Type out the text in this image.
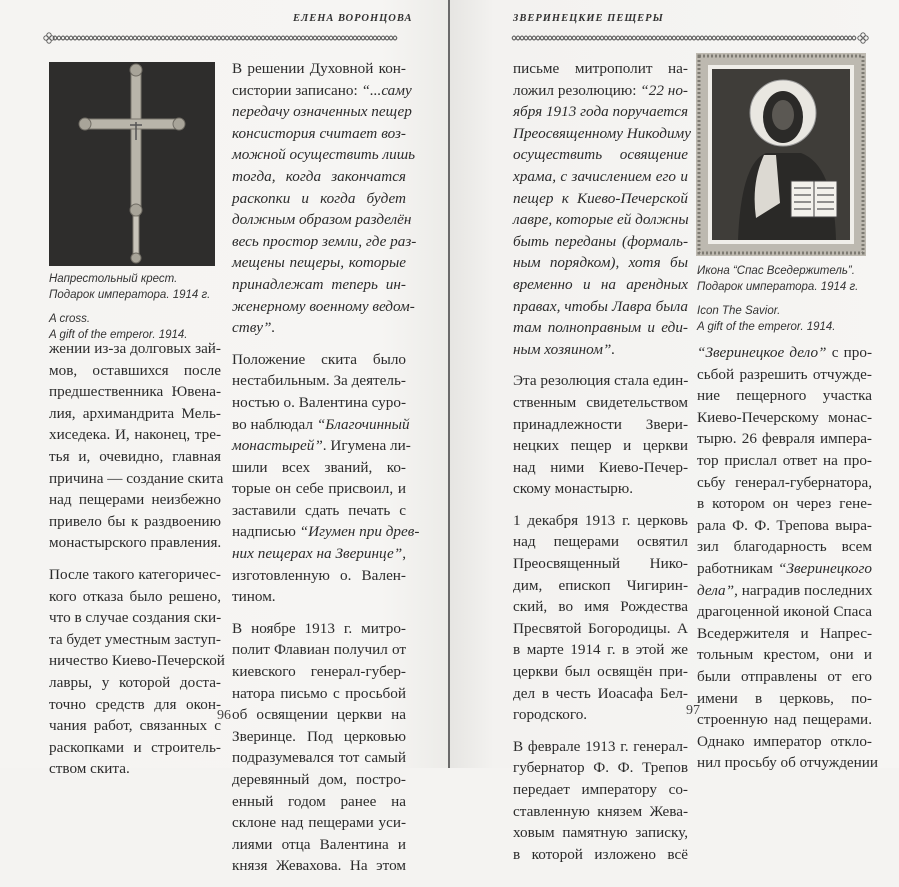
ЕЛЕНА ВОРОНЦОВА	ЗВЕРИНЕЦКИЕ ПЕЩЕРЫ
Напрестольный крест.
Подарок императора. 1914 г.
A cross.
A gift of the emperor. 1914.

жении из-за долговых зай-
мов, оставшихся после
предшественника Ювена-
лия, архимандрита Мель-
хиседека. И, наконец, тре-
тья и, очевидно, главная
причина — создание скита
над пещерами неизбежно
привело бы к раздвоению
монастырского правления.

После такого категоричес-
кого отказа было решено,
что в случае создания ски-
та будет уместным заступ-
ничество Киево-Печерской
лавры, у которой доста-
точно средств для окон-
чания работ, связанных с
раскопками и строитель-
ством скита.

В решении Духовной кон-
систории записано: “...саму
передачу означенных пещер
консистория считает воз-
можной осуществить лишь
тогда, когда закончатся
раскопки и когда будет
должным образом разделён
весь простор земли, где раз-
мещены пещеры, которые
принадлежат теперь ин-
женерному военному ведом-
ству”.

Положение скита было
нестабильным. За деятель-
ностью о. Валентина суро-
во наблюдал “Благочинный
монастырей”. Игумена ли-
шили всех званий, ко-
торые он себе присвоил, и
заставили сдать печать с
надписью “Игумен при древ-
них пещерах на Зверинце”,
изготовленную о. Вален-
тином.

В ноябре 1913 г. митро-
полит Флавиан получил от
киевского генерал-губер-
натора письмо с просьбой
об освящении церкви на
Зверинце. Под церковью
подразумевался тот самый
деревянный дом, постро-
енный годом ранее на
склоне над пещерами уси-
лиями отца Валентина и
князя Жевахова. На этом

96

письме митрополит на-
ложил резолюцию: “22 но-
ября 1913 года поручается
Преосвященному Никодиму
осуществить освящение
храма, с зачислением его и
пещер к Киево-Печерской
лавре, которые ей должны
быть переданы (формаль-
ным порядком), хотя бы
временно и на арендных
правах, чтобы Лавра была
там полноправным и еди-
ным хозяином”.

Эта резолюция стала един-
ственным свидетельством
принадлежности Звери-
нецких пещер и церкви
над ними Киево-Печер-
скому монастырю.

1 декабря 1913 г. церковь
над пещерами освятил
Преосвященный Нико-
дим, епископ Чигирин-
ский, во имя Рождества
Пресвятой Богородицы. А
в марте 1914 г. в этой же
церкви был освящён при-
дел в честь Иоасафа Бел-
городского.

В феврале 1913 г. генерал-
губернатор Ф. Ф. Трепов
передает императору со-
ставленную князем Жева-
ховым памятную записку,
в которой изложено всё

Икона “Спас Вседержитель”.
Подарок императора. 1914 г.
Icon The Savior.
A gift of the emperor. 1914.

“Зверинецкое дело” с про-
сьбой разрешить отчужде-
ние пещерного участка
Киево-Печерскому монас-
тырю. 26 февраля импера-
тор прислал ответ на про-
сьбу генерал-губернатора,
в котором он через гене-
рала Ф. Ф. Трепова выра-
зил благодарность всем
работникам “Зверинецкого
дела”, наградив последних
драгоценной иконой Спаса
Вседержителя и Напрес-
тольным крестом, они и
были отправлены от его
имени в церковь, по-
строенную над пещерами.
Однако император откло-
нил просьбу об отчуждении

97
